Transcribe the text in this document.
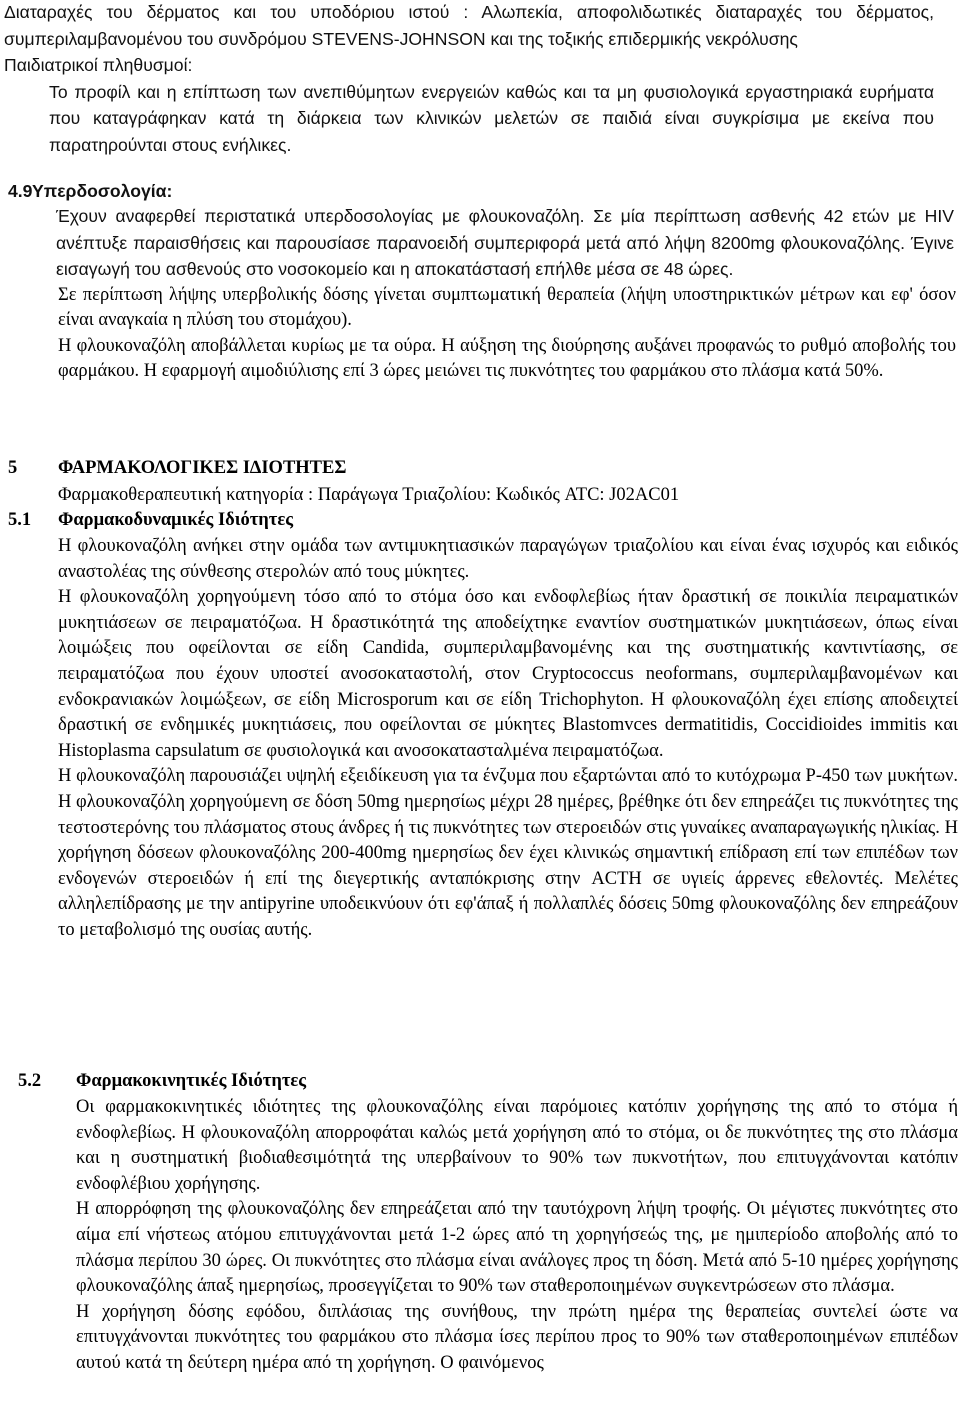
Διαταραχές του δέρματος και του υποδόριου ιστού : Αλωπεκία, αποφολιδωτικές διαταραχές του δέρματος, συμπεριλαμβανομένου του συνδρόμου STEVENS-JOHNSON και της τοξικής επιδερμικής νεκρόλυσης

Παιδιατρικοί πληθυσμοί:

Το προφίλ και η επίπτωση των ανεπιθύμητων ενεργειών καθώς και τα μη φυσιολογικά εργαστηριακά ευρήματα που καταγράφηκαν κατά τη διάρκεια των κλινικών μελετών σε παιδιά είναι συγκρίσιμα με εκείνα που παρατηρούνται στους ενήλικες.

4.9 Υπερδοσολογία:

Έχουν αναφερθεί περιστατικά υπερδοσολογίας με φλουκοναζόλη. Σε μία περίπτωση ασθενής 42 ετών με HIV ανέπτυξε παραισθήσεις και παρουσίασε παρανοειδή συμπεριφορά μετά από λήψη 8200mg φλουκοναζόλης. Έγινε εισαγωγή του ασθενούς στο νοσοκομείο και η αποκατάστασή επήλθε μέσα σε 48 ώρες.

Σε περίπτωση λήψης υπερβολικής δόσης γίνεται συμπτωματική θεραπεία (λήψη υποστηρικτικών μέτρων και εφ' όσον είναι αναγκαία η πλύση του στομάχου).

Η φλουκοναζόλη αποβάλλεται κυρίως με τα ούρα. Η αύξηση της διούρησης αυξάνει προφανώς το ρυθμό αποβολής του φαρμάκου. Η εφαρμογή αιμοδιύλισης επί 3 ώρες μειώνει τις πυκνότητες του φαρμάκου στο πλάσμα κατά 50%.

5 ΦΑΡΜΑΚΟΛΟΓΙΚΕΣ Ι∆ΙΟΤΗΤΕΣ

Φαρμακοθεραπευτική κατηγορία : Παράγωγα Τριαζολίου: Κωδικός ATC: J02AC01

5.1 Φαρμακοδυναμικές Ιδιότητες

Η φλουκοναζόλη ανήκει στην ομάδα των αντιμυκητιασικών παραγώγων τριαζολίου και είναι ένας ισχυρός και ειδικός αναστολέας της σύνθεσης στερολών από τους μύκητες.

Η φλουκοναζόλη χορηγούμενη τόσο από το στόμα όσο και ενδοφλεβίως ήταν δραστική σε ποικιλία πειραματικών μυκητιάσεων σε πειραματόζωα. Η δραστικότητά της αποδείχτηκε εναντίον συστηματικών μυκητιάσεων, όπως είναι λοιμώξεις που οφείλονται σε είδη Candida, συμπεριλαμβανομένης και της συστηματικής καντιντίασης, σε πειραματόζωα που έχουν υποστεί ανοσοκαταστολή, στον Cryptococcus neoformans, συμπεριλαμβανομένων και ενδοκρανιακών λοιμώξεων, σε είδη Microsporum και σε είδη Trichophyton. Η φλουκοναζόλη έχει επίσης αποδειχτεί δραστική σε ενδημικές μυκητιάσεις, που οφείλονται σε μύκητες Blastomvces dermatitidis, Coccidioides immitis και Histoplasma capsulatum σε φυσιολογικά και ανοσοκατασταλμένα πειραματόζωα.

Η φλουκοναζόλη παρουσιάζει υψηλή εξειδίκευση για τα ένζυμα που εξαρτώνται από το κυτόχρωμα P-450 των μυκήτων. Η φλουκοναζόλη χορηγούμενη σε δόση 50mg ημερησίως μέχρι 28 ημέρες, βρέθηκε ότι δεν επηρεάζει τις πυκνότητες της τεστοστερόνης του πλάσματος στους άνδρες ή τις πυκνότητες των στεροειδών στις γυναίκες αναπαραγωγικής ηλικίας. Η χορήγηση δόσεων φλουκοναζόλης 200-400mg ημερησίως δεν έχει κλινικώς σημαντική επίδραση επί των επιπέδων των ενδογενών στεροειδών ή επί της διεγερτικής ανταπόκρισης στην ACTH σε υγιείς άρρενες εθελοντές. Μελέτες αλληλεπίδρασης με την antipyrine υποδεικνύουν ότι εφ'άπαξ ή πολλαπλές δόσεις 50mg φλουκοναζόλης δεν επηρεάζουν το μεταβολισμό της ουσίας αυτής.

5.2 Φαρμακοκινητικές Ιδιότητες

Οι φαρμακοκινητικές ιδιότητες της φλουκοναζόλης είναι παρόμοιες κατόπιν χορήγησης της από το στόμα ή ενδοφλεβίως. Η φλουκοναζόλη απορροφάται καλώς μετά χορήγηση από το στόμα, οι δε πυκνότητες της στο πλάσμα και η συστηματική βιοδιαθεσιμότητά της υπερβαίνουν το 90% των πυκνοτήτων, που επιτυγχάνονται κατόπιν ενδοφλέβιου χορήγησης.

Η απορρόφηση της φλουκοναζόλης δεν επηρεάζεται από την ταυτόχρονη λήψη τροφής. Οι μέγιστες πυκνότητες στο αίμα επί νήστεως ατόμου επιτυγχάνονται μετά 1-2 ώρες από τη χορηγήσεώς της, με ημιπερίοδο αποβολής από το πλάσμα περίπου 30 ώρες. Οι πυκνότητες στο πλάσμα είναι ανάλογες προς τη δόση. Μετά από 5-10 ημέρες χορήγησης φλουκοναζόλης άπαξ ημερησίως, προσεγγίζεται το 90% των σταθεροποιημένων συγκεντρώσεων στο πλάσμα.

Η χορήγηση δόσης εφόδου, διπλάσιας της συνήθους, την πρώτη ημέρα της θεραπείας συντελεί ώστε να επιτυγχάνονται πυκνότητες του φαρμάκου στο πλάσμα ίσες περίπου προς το 90% των σταθεροποιημένων επιπέδων αυτού κατά τη δεύτερη ημέρα από τη χορήγηση. Ο φαινόμενος
